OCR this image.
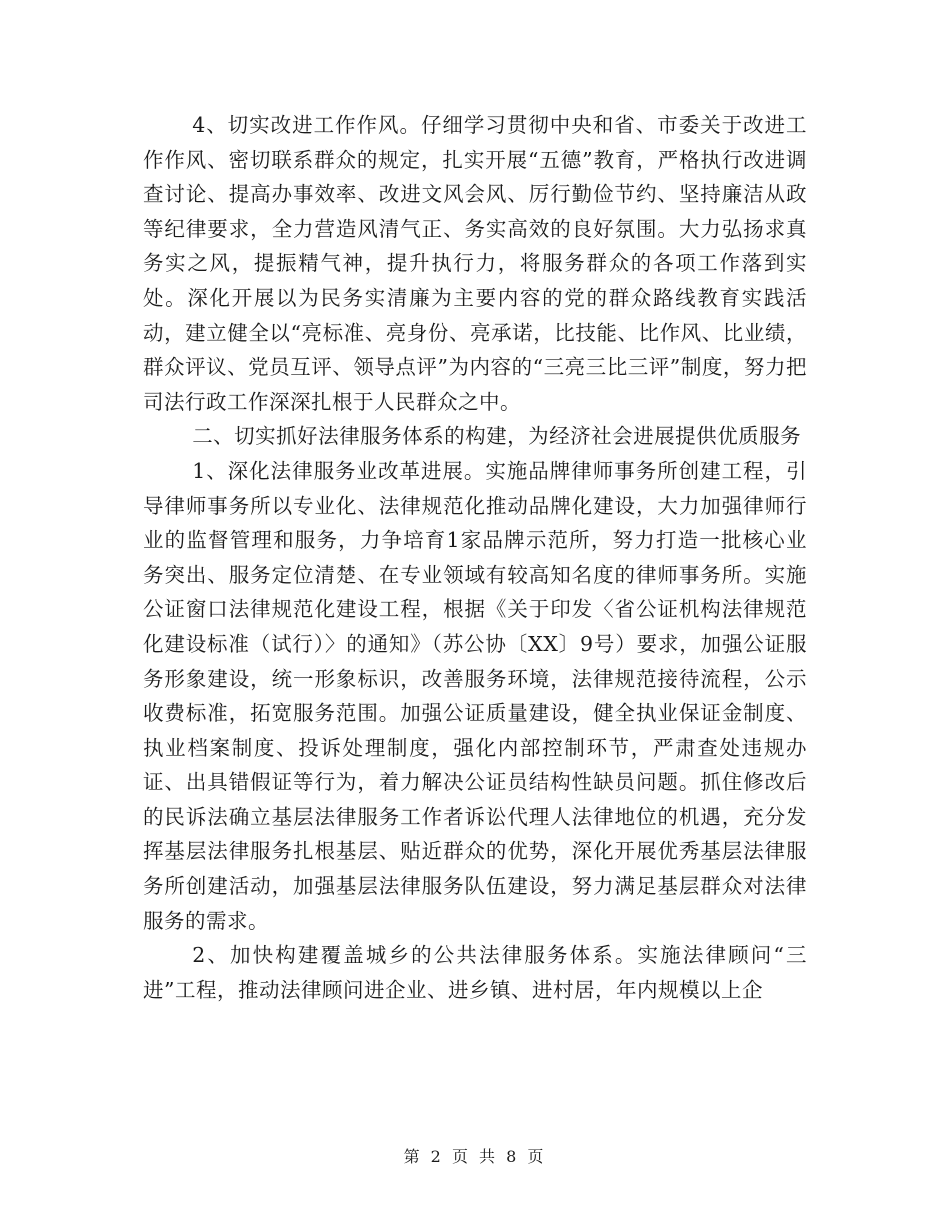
4、切实改进工作作风。仔细学习贯彻中央和省、市委关于改进工作作风、密切联系群众的规定，扎实开展“五德”教育，严格执行改进调查讨论、提高办事效率、改进文风会风、厉行勤俭节约、坚持廉洁从政等纪律要求，全力营造风清气正、务实高效的良好氛围。大力弘扬求真务实之风，提振精气神，提升执行力，将服务群众的各项工作落到实处。深化开展以为民务实清廉为主要内容的党的群众路线教育实践活动，建立健全以“亮标准、亮身份、亮承诺，比技能、比作风、比业绩，群众评议、党员互评、领导点评”为内容的“三亮三比三评”制度，努力把司法行政工作深深扎根于人民群众之中。

二、切实抓好法律服务体系的构建，为经济社会进展提供优质服务

1、深化法律服务业改革进展。实施品牌律师事务所创建工程，引导律师事务所以专业化、法律规范化推动品牌化建设，大力加强律师行业的监督管理和服务，力争培育1家品牌示范所，努力打造一批核心业务突出、服务定位清楚、在专业领域有较高知名度的律师事务所。实施公证窗口法律规范化建设工程，根据《关于印发〈省公证机构法律规范化建设标准（试行）〉的通知》（苏公协〔XX〕9号）要求，加强公证服务形象建设，统一形象标识，改善服务环境，法律规范接待流程，公示收费标准，拓宽服务范围。加强公证质量建设，健全执业保证金制度、执业档案制度、投诉处理制度，强化内部控制环节，严肃查处违规办证、出具错假证等行为，着力解决公证员结构性缺员问题。抓住修改后的民诉法确立基层法律服务工作者诉讼代理人法律地位的机遇，充分发挥基层法律服务扎根基层、贴近群众的优势，深化开展优秀基层法律服务所创建活动，加强基层法律服务队伍建设，努力满足基层群众对法律服务的需求。

2、加快构建覆盖城乡的公共法律服务体系。实施法律顾问“三进”工程，推动法律顾问进企业、进乡镇、进村居，年内规模以上企

第 2 页 共 8 页
